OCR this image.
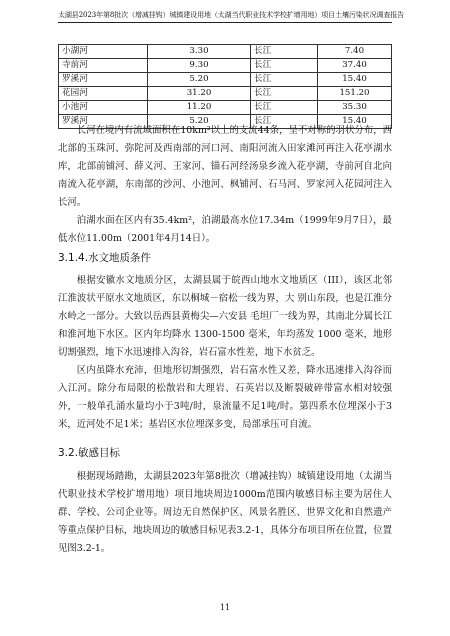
太湖县2023年第8批次（增减挂钩）城镇建设用地（太湖当代职业技术学校扩增用地）项目土壤污染状况调查报告
小湖河	3.30	长江	7.40
寺前河	9.30	长江	37.40
罗溪河	5.20	长江	15.40
花园河	31.20	长江	151.20
小池河	11.20	长江	35.30
罗溪河	5.20	长江	15.40

长河在境内有流域面积在10km²以上的支流44条，呈不对称的羽状分布，西北部的玉珠河、弥陀河及西南部的河口河、南阳河流入田家滩河再注入花亭湖水库，北部前铺河、薛义河、王家河、锚石河经汤泉乡流入花亭湖，寺前河自北向南流入花亭湖，东南部的沙河、小池河、枫铺河、石马河、罗家河入花园河注入长河。

泊湖水面在区内有35.4km²，泊湖最高水位17.34m（1999年9月7日），最低水位11.00m（2001年4月14日）。

3.1.4.水文地质条件

根据安徽水文地质分区，太湖县属于皖西山地水文地质区（III），该区北邻江淮波状平原水文地质区，东以桐城－宿松一线为界，大 别山东段，也是江淮分水岭之一部分。大致以岳西县黄梅尖—六安县 毛坦厂一线为界，其南北分属长江和淮河地下水区。区内年均降水 1300-1500 毫米，年均蒸发 1000 毫米，地形切割强烈，地下水迅速排入沟谷，岩石富水性差，地下水贫乏。

区内虽降水充沛，但地形切割强烈，岩石富水性又差，降水迅速排入沟谷而入江河。除分布局限的松散岩和大理岩、石英岩以及断裂破碎带富水相对较强外，一般单孔涌水量均小于3吨/时，泉流量不足1吨/时。第四系水位埋深小于3米，近河处不足1米；基岩区水位埋深多变，局部承压可自流。

3.2.敏感目标

根据现场踏勘，太湖县2023年第8批次（增减挂钩）城镇建设用地（太湖当代职业技术学校扩增用地）项目地块周边1000m范围内敏感目标主要为居住人群、学校、公司企业等。周边无自然保护区、风景名胜区、世界文化和自然遗产等重点保护目标，地块周边的敏感目标见表3.2-1，具体分布项目所在位置，位置见图3.2-1。

11
